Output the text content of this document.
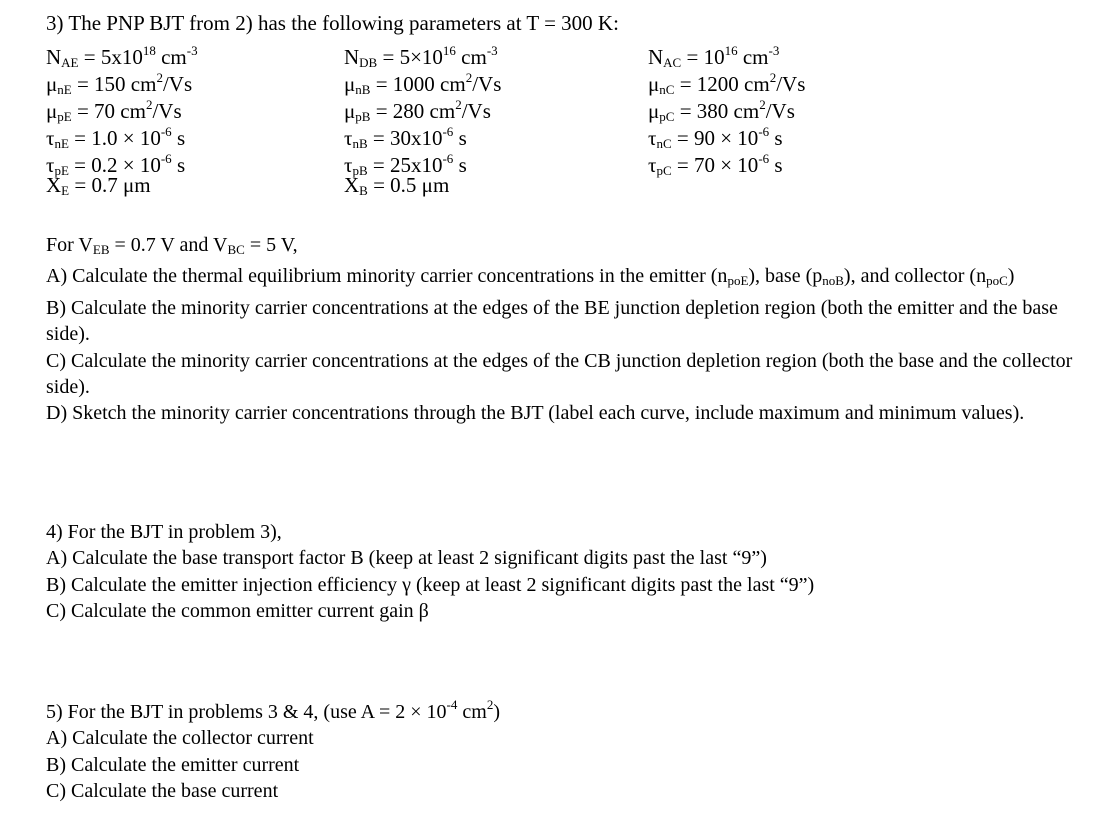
3) The PNP BJT from 2) has the following parameters at T = 300 K:
$N_{AE} = 5x10^{18}$ $cm^{-3}$
$\mu_{nE} = 150$ $cm^2/Vs$
$\mu_{pE} = 70$ $cm^2/Vs$
$\tau_{nE} = 1.0 \times 10^{-6}$ s
$\tau_{pE} = 0.2 \times 10^{-6}$ s
$X_E = 0.7$ μm
$N_{DB} = 5\times 10^{16}$ $cm^{-3}$
$\mu_{nB} = 1000$ $cm^2/Vs$
$\mu_{pB} = 280$ $cm^2/Vs$
$\tau_{nB} = 30x10^{-6}$ s
$\tau_{pB} = 25x10^{-6}$ s
$X_B = 0.5$ μm
$N_{AC} = 10^{16}$ $cm^{-3}$
$\mu_{nC} = 1200$ $cm^2/Vs$
$\mu_{pC} = 380$ $cm^2/Vs$
$\tau_{nC} = 90 \times 10^{-6}$ s
$\tau_{pC} = 70 \times 10^{-6}$ s
For $V_{EB} = 0.7$ V and $V_{BC} = 5$ V,
A) Calculate the thermal equilibrium minority carrier concentrations in the emitter $(n_{poE})$, base $(p_{noB})$, and collector $(n_{poC})$
B) Calculate the minority carrier concentrations at the edges of the BE junction depletion region (both the emitter and the base side).
C) Calculate the minority carrier concentrations at the edges of the CB junction depletion region (both the base and the collector side).
D) Sketch the minority carrier concentrations through the BJT (label each curve, include maximum and minimum values).
4) For the BJT in problem 3),
A) Calculate the base transport factor B (keep at least 2 significant digits past the last “9”)
B) Calculate the emitter injection efficiency γ (keep at least 2 significant digits past the last “9”)
C) Calculate the common emitter current gain β
5) For the BJT in problems 3 & 4, (use $A = 2 \times 10^{-4}$ $cm^2$)
A) Calculate the collector current
B) Calculate the emitter current
C) Calculate the base current
